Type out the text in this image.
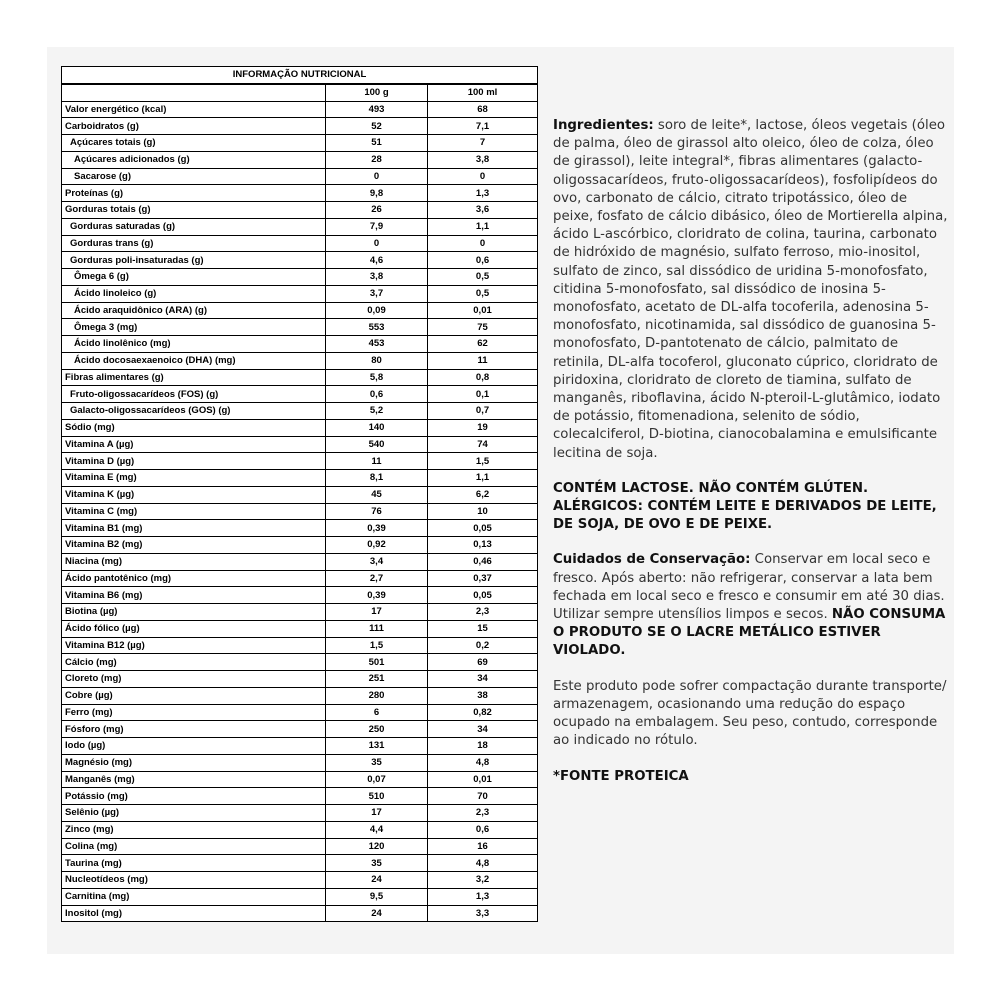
INFORMAÇÃO NUTRICIONAL		
	100 g	100 ml
Valor energético (kcal)	493	68
Carboidratos (g)	52	7,1
Açúcares totais (g)	51	7
Açúcares adicionados (g)	28	3,8
Sacarose (g)	0	0
Proteínas (g)	9,8	1,3
Gorduras totais (g)	26	3,6
Gorduras saturadas (g)	7,9	1,1
Gorduras trans (g)	0	0
Gorduras poli-insaturadas (g)	4,6	0,6
Ômega 6 (g)	3,8	0,5
Ácido linoleico (g)	3,7	0,5
Ácido araquidônico (ARA) (g)	0,09	0,01
Ômega 3 (mg)	553	75
Ácido linolênico (mg)	453	62
Ácido docosaexaenoico (DHA) (mg)	80	11
Fibras alimentares (g)	5,8	0,8
Fruto-oligossacarídeos (FOS) (g)	0,6	0,1
Galacto-oligossacarídeos (GOS) (g)	5,2	0,7
Sódio (mg)	140	19
Vitamina A (µg)	540	74
Vitamina D (µg)	11	1,5
Vitamina E (mg)	8,1	1,1
Vitamina K (µg)	45	6,2
Vitamina C (mg)	76	10
Vitamina B1 (mg)	0,39	0,05
Vitamina B2 (mg)	0,92	0,13
Niacina (mg)	3,4	0,46
Ácido pantotênico (mg)	2,7	0,37
Vitamina B6 (mg)	0,39	0,05
Biotina (µg)	17	2,3
Ácido fólico (µg)	111	15
Vitamina B12 (µg)	1,5	0,2
Cálcio (mg)	501	69
Cloreto (mg)	251	34
Cobre (µg)	280	38
Ferro (mg)	6	0,82
Fósforo (mg)	250	34
Iodo (µg)	131	18
Magnésio (mg)	35	4,8
Manganês (mg)	0,07	0,01
Potássio (mg)	510	70
Selênio (µg)	17	2,3
Zinco (mg)	4,4	0,6
Colina (mg)	120	16
Taurina (mg)	35	4,8
Nucleotídeos (mg)	24	3,2
Carnitina (mg)	9,5	1,3
Inositol (mg)	24	3,3

Ingredientes: soro de leite*, lactose, óleos vegetais (óleo de palma, óleo de girassol alto oleico, óleo de colza, óleo de girassol), leite integral*, fibras alimentares (galacto-oligossacarídeos, fruto-oligossacarídeos), fosfolipídeos do ovo, carbonato de cálcio, citrato tripotássico, óleo de peixe, fosfato de cálcio dibásico, óleo de Mortierella alpina, ácido L-ascórbico, cloridrato de colina, taurina, carbonato de hidróxido de magnésio, sulfato ferroso, mio-inositol, sulfato de zinco, sal dissódico de uridina 5-monofosfato, citidina 5-monofosfato, sal dissódico de inosina 5-monofosfato, acetato de DL-alfa tocoferila, adenosina 5-monofosfato, nicotinamida, sal dissódico de guanosina 5-monofosfato, D-pantotenato de cálcio, palmitato de retinila, DL-alfa tocoferol, gluconato cúprico, cloridrato de piridoxina, cloridrato de cloreto de tiamina, sulfato de manganês, riboflavina, ácido N-pteroil-L-glutâmico, iodato de potássio, fitomenadiona, selenito de sódio, colecalciferol, D-biotina, cianocobalamina e emulsificante lecitina de soja.

CONTÉM LACTOSE. NÃO CONTÉM GLÚTEN. ALÉRGICOS: CONTÉM LEITE E DERIVADOS DE LEITE, DE SOJA, DE OVO E DE PEIXE.

Cuidados de Conservação: Conservar em local seco e fresco. Após aberto: não refrigerar, conservar a lata bem fechada em local seco e fresco e consumir em até 30 dias. Utilizar sempre utensílios limpos e secos. NÃO CONSUMA O PRODUTO SE O LACRE METÁLICO ESTIVER VIOLADO.

Este produto pode sofrer compactação durante transporte/ armazenagem, ocasionando uma redução do espaço ocupado na embalagem. Seu peso, contudo, corresponde ao indicado no rótulo.

*FONTE PROTEICA
